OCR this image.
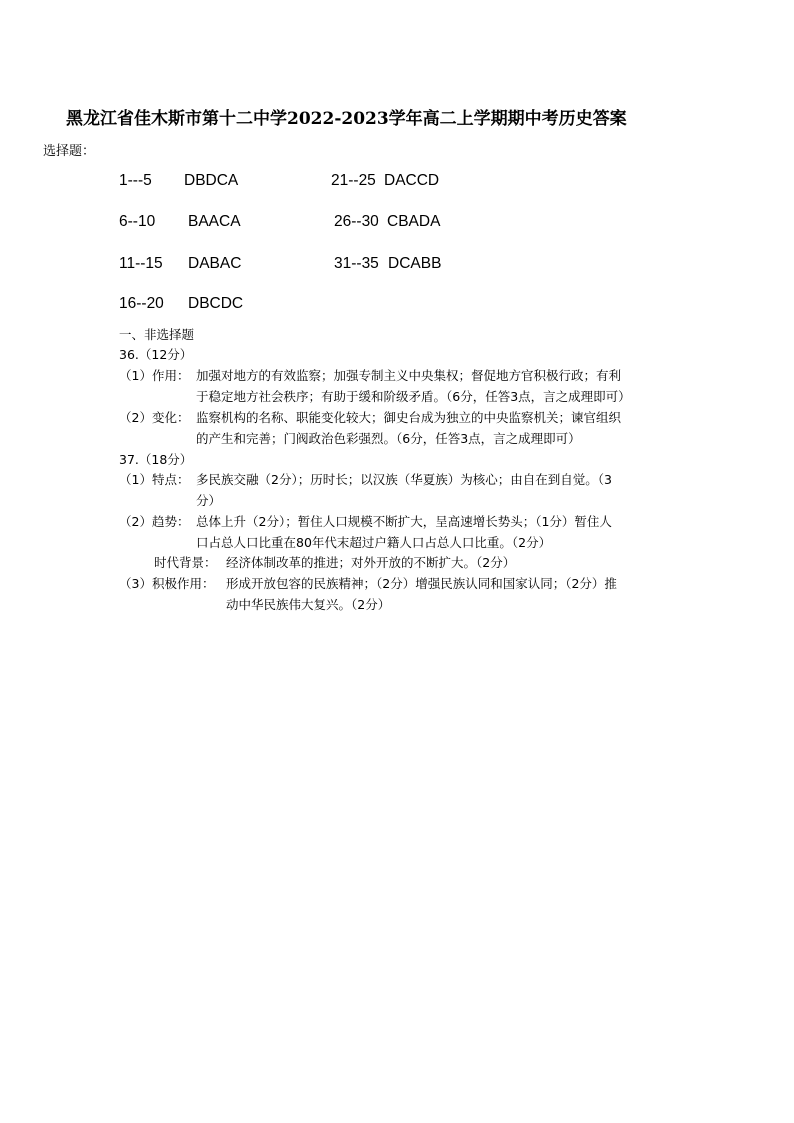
黑龙江省佳木斯市第十二中学2022-2023学年高二上学期期中考历史答案
选择题：
1---5 DBDCA	21--25 DACCD
6--10 BAACA	26--30 CBADA
11--15 DABAC	31--35 DCABB
16--20 DBCDC
一、非选择题
36.（12分）
（1）作用： 加强对地方的有效监察；加强专制主义中央集权；督促地方官积极行政；有利
于稳定地方社会秩序；有助于缓和阶级矛盾。（6分，任答3点，言之成理即可）
（2）变化： 监察机构的名称、职能变化较大；御史台成为独立的中央监察机关；谏官组织
的产生和完善；门阀政治色彩强烈。（6分，任答3点，言之成理即可）
37.（18分）
（1）特点： 多民族交融（2分）；历时长；以汉族（华夏族）为核心；由自在到自觉。（3
分）
（2）趋势： 总体上升（2分）；暂住人口规模不断扩大，呈高速增长势头；（1分）暂住人
口占总人口比重在80年代末超过户籍人口占总人口比重。（2分）
时代背景： 经济体制改革的推进；对外开放的不断扩大。（2分）
（3）积极作用： 形成开放包容的民族精神；（2分）增强民族认同和国家认同；（2分）推
动中华民族伟大复兴。（2分）
